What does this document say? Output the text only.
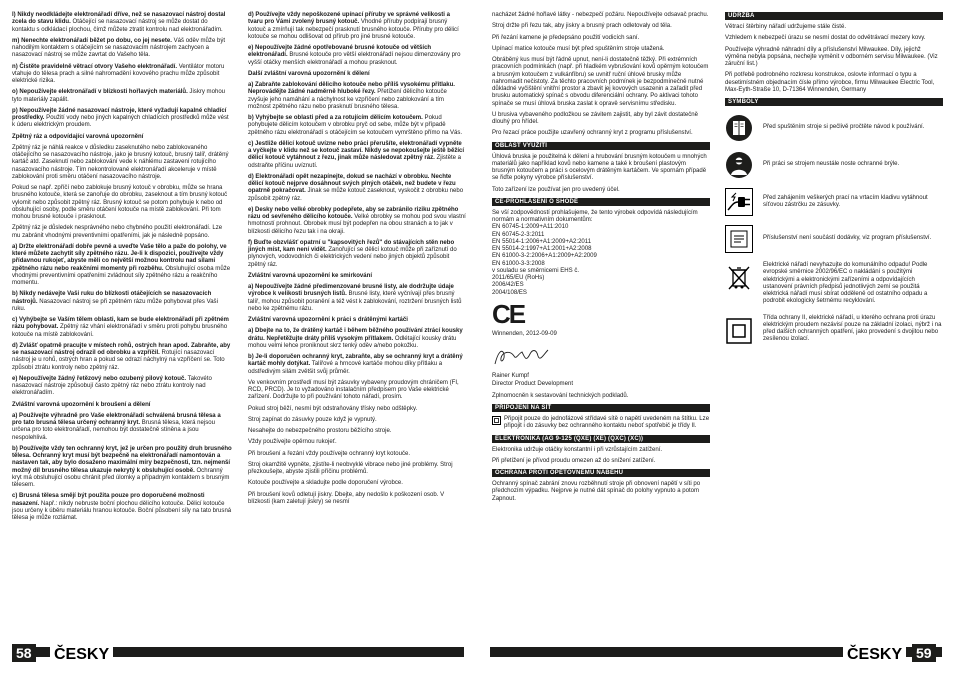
l) Nikdy neodkládejte elektronářadí dříve, než se nasazovací nástroj dostal zcela do stavu klidu. Otáčející se nasazovací nástroj se může dostat do kontaktu s odkládací plochou, čímž můžete ztratit kontrolu nad elektronářadím.

m) Nenechte elektronářadí běžet po dobu, co jej nesete. Váš oděv může být nahodilým kontaktem s otáčejícím se nasazovacím nástrojem zachycen a nasazovací nástroj se může zavrtat do Vašeho těla.

n) Čistěte pravidelně větrací otvory Vašeho elektronářadí. Ventilátor motoru vtahuje do tělesa prach a silné nahromadění kovového prachu může způsobit elektrické rizika.

o) Nepoužívejte elektronářadí v blízkosti hořlavých materiálů. Jiskry mohou tyto materiály zapálit.

p) Nepoužívejte žádné nasazovací nástroje, které vyžadují kapalné chladící prostředky. Použití vody nebo jiných kapalných chladících prostředků může vést k úderu elektrickým proudem.

Zpětný ráz a odpovídající varovná upozornění

Zpětný ráz je náhlá reakce v důsledku zaseknutého nebo zablokovaného otáčejícího se nasazovacího nástroje, jako je brusný kotouč, brusný talíř, drátěný kartáč atd. Zaseknutí nebo zablokování vede k náhlému zastavení rotujícího nasazovacího nástroje. Tím nekontrolované elektronářadí akceleruje v místě zablokování proti směru otáčení nasazovacího nástroje.

Pokud se např. zpříčí nebo zablokuje brusný kotouč v obrobku, může se hrana brusného kotouče, která se zanořuje do obrobku, zaseknout a tím brusný kotouč vylomit nebo způsobit zpětný ráz. Brusný kotouč se potom pohybuje k nebo od obsluhující osoby, podle směru otáčení kotouče na místě zablokování. Při tom mohou brusné kotouče i prasknout.

Zpětný ráz je důsledek nesprávného nebo chybného použití elektronářadí. Lze mu zabránit vhodnými preventivními opatřeními, jak je následně popsáno.

a) Držte elektronářadí dobře pevně a uveďte Vaše tělo a paže do polohy, ve které můžete zachytit síly zpětného rázu. Je-li k dispozici, používejte vždy přídavnou rukojeť, abyste měli co největší možnou kontrolu nad silami zpětného rázu nebo reakčními momenty při rozběhu. Obsluhující osoba může vhodnými preventivními opatřeními zvládnout síly zpětného rázu a reakčního momentu.

b) Nikdy nedávejte Vaši ruku do blízkosti otáčejících se nasazovacích nástrojů. Nasazovací nástroj se při zpětném rázu může pohybovat přes Vaši ruku.

c) Vyhýbejte se Vaším tělem oblasti, kam se bude elektronářadí při zpětném rázu pohybovat. Zpětný ráz vhání elektronářadí v směru proti pohybu brusného kotouče na místě zablokování.

d) Zvlášť opatrně pracujte v místech rohů, ostrých hran apod. Zabraňte, aby se nasazovací nástroj odrazil od obrobku a vzpříčil. Rotující nasazovací nástroj je u rohů, ostrých hran a pokud se odrazí náchylný na vzpříčení se. Toto způsobí ztrátu kontroly nebo zpětný ráz.

e) Nepoužívejte žádný řetězový nebo ozubený pilový kotouč. Takovéto nasazovací nástroje způsobují často zpětný ráz nebo ztrátu kontroly nad elektronářadím.

Zvláštní varovná upozornění k broušení a dělení

a) Používejte výhradně pro Vaše elektronářadí schválená brusná tělesa a pro tato brusná tělesa určený ochranný kryt. Brusná tělesa, která nejsou určena pro toto elektronářadí, nemohou být dostatečně stíněna a jsou nespolehlivá.

b) Používejte vždy ten ochranný kryt, jež je určen pro použitý druh brusného tělesa. Ochranný kryt musí být bezpečně na elektronářadí namontován a nastaven tak, aby bylo dosaženo maximální míry bezpečnosti, tzn. nejmenší možný díl brusného tělesa ukazuje nekrytý k obsluhující osobě. Ochranný kryt má obsluhující osobu chránit před úlomky a případným kontaktem s brusným tělesem.

c) Brusná tělesa smějí být použita pouze pro doporučené možnosti nasazení. Např.: nikdy nebruste boční plochou dělicího kotouče. Dělicí kotouče jsou určeny k úběru materiálu hranou kotouče. Boční působení síly na tato brusná tělesa je může rozlámat.

d) Používejte vždy nepoškozené upínací příruby ve správné velikosti a tvaru pro Vámi zvolený brusný kotouč. Vhodné příruby podpírají brusný kotouč a zmírňují tak nebezpečí prasknutí brusného kotouče. Příruby pro dělicí kotouče se mohou odlišovat od přírub pro jiné brusné kotouče.

e) Nepoužívejte žádné opotřebované brusné kotouče od větších elektronářadí. Brusné kotouče pro větší elektronářadí nejsou dimenzovány pro vyšší otáčky menších elektronářadí a mohou prasknout.

Další zvláštní varovná upozornění k dělení

a) Zabraňte zablokování dělicího kotouče nebo příliš vysokému přítlaku. Neprovádějte žádné nadměrně hluboké řezy. Přetížení dělicího kotouče zvyšuje jeho namáhání a náchylnost ke vzpříčení nebo zablokování a tím možnost zpětného rázu nebo prasknutí brusného tělesa.

b) Vyhýbejte se oblasti před a za rotujícím dělicím kotoučem. Pokud pohybujete dělicím kotoučem v obrobku pryč od sebe, může být v případě zpětného rázu elektronářadí s otáčejícím se kotoučem vymrštěno přímo na Vás.

c) Jestliže dělicí kotouč uvízne nebo práci přerušíte, elektronářadí vypněte a vyčkejte v klidu než se kotouč zastaví. Nikdy se nepokoušejte ještě běžící dělicí kotouč vytáhnout z řezu, jinak může následovat zpětný ráz. Zjistěte a odstraňte příčinu uvíznutí.

d) Elektronářadí opět nezapínejte, dokud se nachází v obrobku. Nechte dělicí kotouč nejprve dosáhnout svých plných otáček, než budete v řezu opatrně pokračovat. Jinak se může kotouč zaseknout, vyskočit z obrobku nebo způsobit zpětný ráz.

e) Desky nebo velké obrobky podepřete, aby se zabránilo riziku zpětného rázu od sevřeného dělicího kotouče. Velké obrobky se mohou pod svou vlastní hmotností prohnout. Obrobek musí být podepřen na obou stranách a to jak v blízkosti dělicího řezu tak i na okraji.

f) Buďte obzvlášť opatrní u "kapsovitých řezů" do stávajících stěn nebo jiných míst, kam není vidět. Zanořující se dělicí kotouč může při zaříznutí do plynových, vodovodních či elektrických vedení nebo jiných objektů způsobit zpětný ráz.

Zvláštní varovná upozornění ke smirkování

a) Nepoužívejte žádné předimenzované brusné listy, ale dodržujte údaje výrobce k velikosti brusných listů. Brusné listy, které vyčnívají přes brusný talíř, mohou způsobit poranění a též vést k zablokování, roztržení brusných listů nebo ke zpětnému rázu.

Zvláštní varovná upozornění k práci s drátěnými kartáči

a) Dbejte na to, že drátěný kartáč i během běžného používání ztrácí kousky drátu. Nepřetěžujte dráty příliš vysokým přítlakem. Odlétající kousky drátu mohou velmi lehce proniknout skrz tenký oděv a/nebo pokožku.

b) Je-li doporučen ochranný kryt, zabraňte, aby se ochranný kryt a drátěný kartáč mohly dotýkat. Talířové a hrncové kartáče mohou díky přítlaku a odstředivým silám zvětšit svůj průměr.

Ve venkovním prostředí musí být zásuvky vybaveny proudovým chráničem (FI, RCD, PRCD). Je to vyžadováno instalačním předpisem pro Vaše elektrické zařízení. Dodržujte to při používání tohoto nářadí, prosím.

Pokud stroj běží, nesmí být odstraňovány třísky nebo odštěpky.

Stroj zapínat do zásuvky pouze když je vypnutý.

Nesahejte do nebezpečného prostoru běžícího stroje.

Vždy používejte opěrnou rukojeť.

Při broušení a řezání vždy používejte ochranný kryt kotouče.

Stroj okamžitě vypněte, zjistíte-li neobvyklé vibrace nebo jiné problémy. Stroj přezkoušejte, abyste zjistili příčinu problémů.

Kotouče používejte a skladujte podle doporučení výrobce.

Při broušení kovů odletují jiskry. Dbejte, aby nedošlo k poškození osob. V blízkosti (kam zaletují jiskry) se nesmí

nacházet žádné hořlavé látky - nebezpečí požáru. Nepoužívejte odsavač prachu.

Stroj držte při řezu tak, aby jiskry a brusný prach odletovaly od těla.

Při řezání kamene je předepsáno použití vodicích saní.

Upínací matice kotouče musí být před spuštěním stroje utažená.

Obráběný kus musí být řádně upnut, není-li dostatečně těžký. Při extrémních pracovních podmínkách (např. při hladkém vybrušování kovů opěrným kotoučem a brusným kotoučem z vulkánfíbru) se uvnitř ruční úhlové brusky může nahromadit nečistoty. Za těchto pracovních podmínek je bezpodmínečně nutné důkladné vyčištění vnitřní prostor a zbavit jej kovových usazenin a zařadit před brusku automatický spínač s obvodu diferenciální ochrany. Po aktivaci tohoto spínače se musí úhlová bruska zaslat k opravě servisnímu středisku.

U brusiva vybaveného podložkou se závitem zajistit, aby byl závit dostatečně dlouhý pro hřídel.

Pro řezací práce použijte uzavřený ochranný kryt z programu příslušenství.

OBLAST VYUŽITÍ

Úhlová bruska je použitelná k dělení a hrubování brusným kotoučem u mnohých materiálů jako například kovů nebo kamene a také k broušení plastovým brusným kotoučem a práci s ocelovým drátěným kartáčem. Ve spornám případě se řiďte pokyny výrobce příslušenství.

Toto zařízení lze používat jen pro uvedený účel.

CE-PROHLÁŠENÍ O SHODĚ

Se vší zodpovědností prohlašujeme, že tento výrobek odpovídá následujícím normám a normativním dokumentům:

EN 60745-1:2009+A11:2010
EN 60745-2-3:2011
EN 55014-1:2006+A1:2009+A2:2011
EN 55014-2:1997+A1:2001+A2:2008
EN 61000-3-2:2006+A1:2009+A2:2009
EN 61000-3-3:2008
v souladu se směrnicemi EHS č.
2011/65/EU (RoHs)
2006/42/ES
2004/108/ES
CE

Winnenden, 2012-09-09

Rainer Kumpf

Director Product Development

Zplnomocněn k sestavování technických podkladů.

PŘIPOJENÍ NA SÍŤ
Připojit pouze do jednofázové střídavé sítě o napětí uvedeném na štítku. Lze připojit i do zásuvky bez ochranného kontaktu neboť spotřebič je třídy II.
ELEKTRONIKA (AG 9-125 (QXE) (XE) (QXC) (XC))

Elektronika udržuje otáčky konstantní i při vzrůstajícím zatížení.

Při přetížení je přívod proudu omezen až do snížení zatížení.

OCHRANA PROTI OPĚTOVNÉMU NÁBĚHU

Ochranný spínač zabrání znovu rozběhnutí stroje při obnovení napětí v síti po předchozím výpadku. Nejprve je nutné dát spínač do polohy vypnuto a potom Zapnout.

ÚDRŽBA

Větrací štěrbiny nářadí udržujeme stále čisté.

Vzhledem k nebezpečí úrazu se nesmí dostat do odvětrávací mezery kovy.

Používejte výhradně náhradní díly a příslušenství Milwaukee. Díly, jejichž výměna nebyla popsána, nechejte vyměnit v odborném servisu Milwaukee. (Viz záruční list.)

Při potřebě podrobného rozkresu konstrukce, oslovte informací o typu a desetimístném objednacím čísle přímo výrobce, firmu Milwaukee Electric Tool, Max-Eyth-Straße 10, D-71364 Winnenden, Germany

SYMBOLY
Před spuštěním stroje si pečlivě pročtěte návod k používání.
Při práci se strojem neustále noste ochranné brýle.
Před zahájením veškerých prací na vrtacím kladivu vytáhnout síťovou zástrčku ze zásuvky.
Příslušenství není součástí dodávky, viz program příslušenství.
Elektrické nářadí nevyhazujte do komunálního odpadu! Podle evropské směrnice 2002/96/EC o nakládání s použitými elektrickými a elektronickými zařízeními a odpovídajících ustanovení právních předpisů jednotlivých zemí se použitá elektrická nářadí musí sbírat odděleně od ostatního odpadu a podrobit ekologicky šetrnému recyklování.
Třída ochrany II, elektrické nářadí, u kterého ochrana proti úrazu elektrickým proudem nezávisí pouze na základní izolaci, nýbrž i na před dalších ochranných opatření, jako provedení s dvojitou nebo zesílenou izolací.
ČESKY
58	ČESKY 59
